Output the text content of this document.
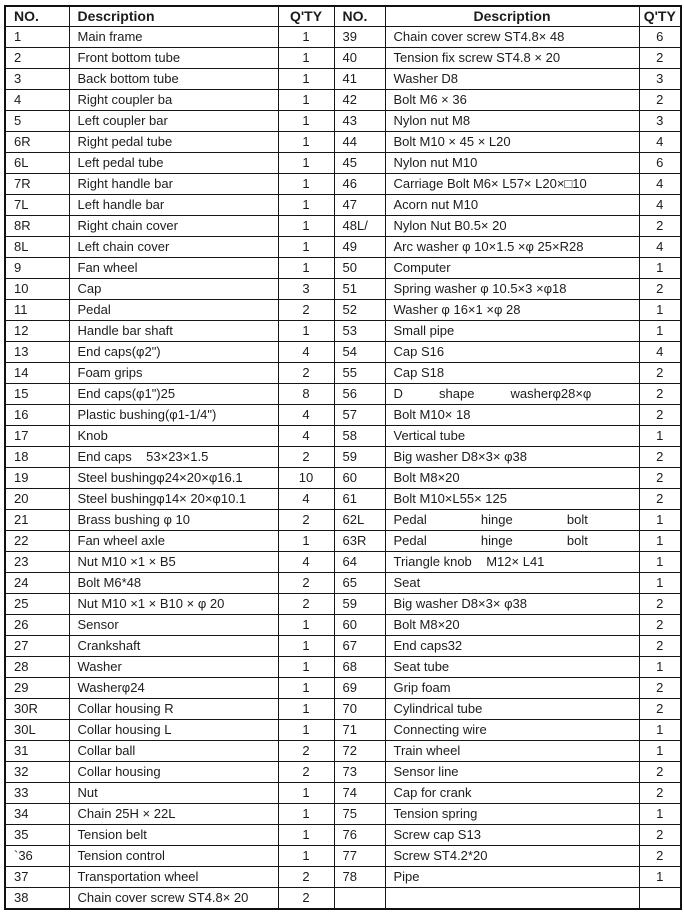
NO.	Description	Q'TY	NO.	Description	Q'TY
1	Main frame	1	39	Chain cover screw ST4.8× 48	6
2	Front bottom tube	1	40	Tension fix screw ST4.8 × 20	2
3	Back bottom tube	1	41	Washer D8	3
4	Right coupler ba	1	42	Bolt M6 × 36	2
5	Left coupler bar	1	43	Nylon nut M8	3
6R	Right pedal tube	1	44	Bolt M10 × 45 × L20	4
6L	Left pedal tube	1	45	Nylon nut M10	6
7R	Right handle bar	1	46	Carriage Bolt M6× L57× L20×□10	4
7L	Left handle bar	1	47	Acorn nut M10	4
8R	Right chain cover	1	48L/	Nylon Nut B0.5× 20	2
8L	Left chain cover	1	49	Arc washer φ 10×1.5 ×φ 25×R28	4
9	Fan wheel	1	50	Computer	1
10	Cap	3	51	Spring washer φ 10.5×3 ×φ18	2
11	Pedal	2	52	Washer φ 16×1 ×φ 28	1
12	Handle bar shaft	1	53	Small pipe	1
13	End caps(φ2")	4	54	Cap S16	4
14	Foam grips	2	55	Cap S18	2
15	End caps(φ1")25	8	56	D          shape          washerφ28×φ	2
16	Plastic bushing(φ1-1/4")	4	57	Bolt M10× 18	2
17	Knob	4	58	Vertical tube	1
18	End caps    53×23×1.5	2	59	Big washer D8×3× φ38	2
19	Steel bushingφ24×20×φ16.1	10	60	Bolt M8×20	2
20	Steel bushingφ14× 20×φ10.1	4	61	Bolt M10×L55× 125	2
21	Brass bushing φ 10	2	62L	Pedal               hinge               bolt	1
22	Fan wheel axle	1	63R	Pedal               hinge               bolt	1
23	Nut M10 ×1 × B5	4	64	Triangle knob    M12× L41	1
24	Bolt M6*48	2	65	Seat	1
25	Nut M10 ×1 × B10 × φ 20	2	59	Big washer D8×3× φ38	2
26	Sensor	1	60	Bolt M8×20	2
27	Crankshaft	1	67	End caps32	2
28	Washer	1	68	Seat tube	1
29	Washerφ24	1	69	Grip foam	2
30R	Collar housing R	1	70	Cylindrical tube	2
30L	Collar housing L	1	71	Connecting wire	1
31	Collar ball	2	72	Train wheel	1
32	Collar housing	2	73	Sensor line	2
33	Nut	1	74	Cap for crank	2
34	Chain 25H × 22L	1	75	Tension spring	1
35	Tension belt	1	76	Screw cap S13	2
`36	Tension control	1	77	Screw ST4.2*20	2
37	Transportation wheel	2	78	Pipe	1
38	Chain cover screw ST4.8× 20	2			
